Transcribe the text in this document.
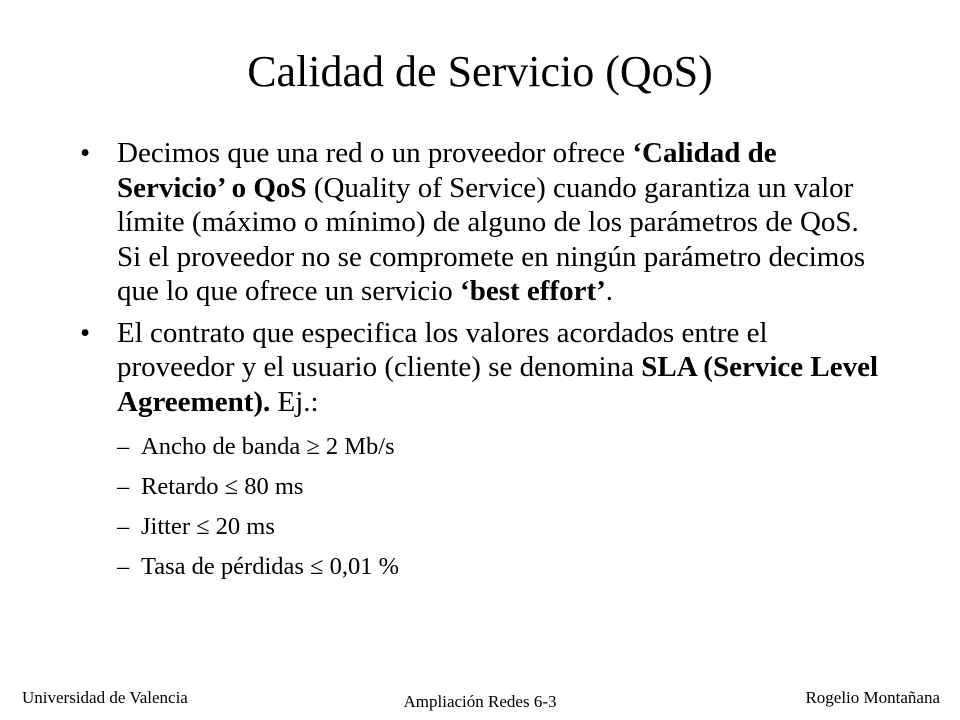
Calidad de Servicio (QoS)
• Decimos que una red o un proveedor ofrece ‘Calidad de Servicio’ o QoS (Quality of Service) cuando garantiza un valor límite (máximo o mínimo) de alguno de los parámetros de QoS. Si el proveedor no se compromete en ningún parámetro decimos que lo que ofrece un servicio ‘best effort’.
• El contrato que especifica los valores acordados entre el proveedor y el usuario (cliente) se denomina SLA (Service Level Agreement). Ej.:
– Ancho de banda ≥ 2 Mb/s
– Retardo ≤ 80 ms
– Jitter ≤ 20 ms
– Tasa de pérdidas ≤ 0,01 %
Universidad de Valencia	Ampliación Redes 6-3	Rogelio Montañana
